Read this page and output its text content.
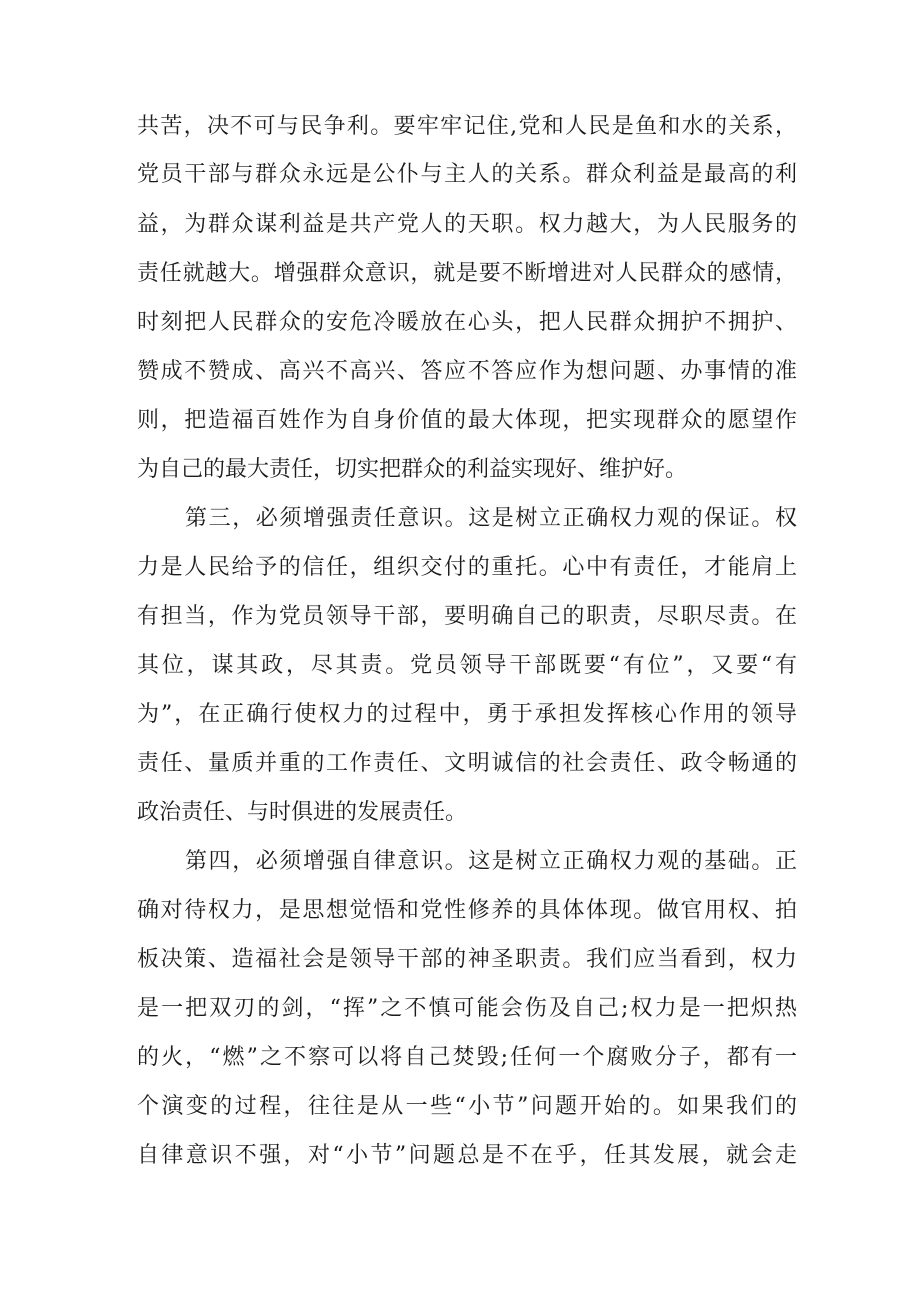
共苦，决不可与民争利。要牢牢记住,党和人民是鱼和水的关系，
党员干部与群众永远是公仆与主人的关系。群众利益是最高的利
益，为群众谋利益是共产党人的天职。权力越大，为人民服务的
责任就越大。增强群众意识，就是要不断增进对人民群众的感情，
时刻把人民群众的安危冷暖放在心头，把人民群众拥护不拥护、
赞成不赞成、高兴不高兴、答应不答应作为想问题、办事情的准
则，把造福百姓作为自身价值的最大体现，把实现群众的愿望作
为自己的最大责任，切实把群众的利益实现好、维护好。
第三，必须增强责任意识。这是树立正确权力观的保证。权
力是人民给予的信任，组织交付的重托。心中有责任，才能肩上
有担当，作为党员领导干部，要明确自己的职责，尽职尽责。在
其位，谋其政，尽其责。党员领导干部既要“有位”，又要“有
为”，在正确行使权力的过程中，勇于承担发挥核心作用的领导
责任、量质并重的工作责任、文明诚信的社会责任、政令畅通的
政治责任、与时俱进的发展责任。
第四，必须增强自律意识。这是树立正确权力观的基础。正
确对待权力，是思想觉悟和党性修养的具体体现。做官用权、拍
板决策、造福社会是领导干部的神圣职责。我们应当看到，权力
是一把双刃的剑，“挥”之不慎可能会伤及自己;权力是一把炽热
的火，“燃”之不察可以将自己焚毁;任何一个腐败分子，都有一
个演变的过程，往往是从一些“小节”问题开始的。如果我们的
自律意识不强，对“小节”问题总是不在乎，任其发展，就会走
